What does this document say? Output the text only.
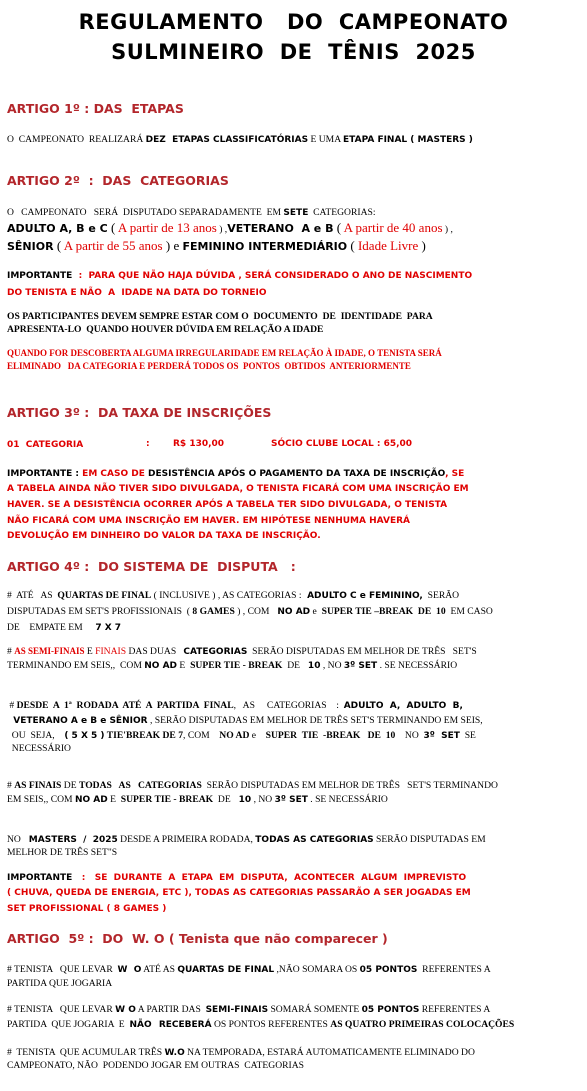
REGULAMENTO   DO  CAMPEONATO
SULMINEIRO  DE  TÊNIS  2025
ARTIGO 1º : DAS  ETAPAS
O  CAMPEONATO  REALIZARÁ DEZ  ETAPAS CLASSIFICATÓRIAS E UMA ETAPA FINAL ( MASTERS )
ARTIGO 2º  :  DAS  CATEGORIAS
O   CAMPEONATO   SERÁ  DISPUTADO SEPARADAMENTE  EM SETE  CATEGORIAS:
ADULTO A, B e C ( A partir de 13 anos ) ,VETERANO  A e B ( A partir de 40 anos ) ,
SÊNIOR ( A partir de 55 anos ) e FEMININO INTERMEDIÁRIO ( Idade Livre )
IMPORTANTE  :  PARA QUE NÃO HAJA DÚVIDA , SERÁ CONSIDERADO O ANO DE NASCIMENTO
DO TENISTA E NÃO  A  IDADE NA DATA DO TORNEIO
OS PARTICIPANTES DEVEM SEMPRE ESTAR COM O  DOCUMENTO  DE  IDENTIDADE  PARA
APRESENTA-LO  QUANDO HOUVER DÚVIDA EM RELAÇÃO A IDADE
QUANDO FOR DESCOBERTA ALGUMA IRREGULARIDADE EM RELAÇÃO À IDADE, O TENISTA SERÁ
ELIMINADO   DA CATEGORIA E PERDERÁ TODOS OS  PONTOS  OBTIDOS  ANTERIORMENTE
ARTIGO 3º :  DA TAXA DE INSCRIÇÕES
01  CATEGORIA	:	R$ 130,00	SÓCIO CLUBE LOCAL : 65,00
IMPORTANTE : EM CASO DE DESISTÊNCIA APÓS O PAGAMENTO DA TAXA DE INSCRIÇÃO, SE
A TABELA AINDA NÃO TIVER SIDO DIVULGADA, O TENISTA FICARÁ COM UMA INSCRIÇÃO EM
HAVER. SE A DESISTÊNCIA OCORRER APÓS A TABELA TER SIDO DIVULGADA, O TENISTA
NÃO FICARÁ COM UMA INSCRIÇÃO EM HAVER. EM HIPÓTESE NENHUMA HAVERÁ
DEVOLUÇÃO EM DINHEIRO DO VALOR DA TAXA DE INSCRIÇÃO.
ARTIGO 4º :  DO SISTEMA DE  DISPUTA   :
#  ATÉ   AS  QUARTAS DE FINAL ( INCLUSIVE ) , AS CATEGORIAS :  ADULTO C e FEMININO,  SERÃO
DISPUTADAS EM SET'S PROFISSIONAIS  ( 8 GAMES ) , COM   NO AD e  SUPER TIE –BREAK  DE  10  EM CASO
DE    EMPATE EM     7 X 7
# AS SEMI-FINAIS E FINAIS DAS DUAS   CATEGORIAS  SERÃO DISPUTADAS EM MELHOR DE TRÊS   SET'S
TERMINANDO EM SEIS,,  COM NO AD E  SUPER TIE - BREAK  DE   10 , NO 3º SET . SE NECESSÁRIO
# DESDE  A  1ª  RODADA  ATÉ  A  PARTIDA  FINAL,   AS     CATEGORIAS    :  ADULTO  A,  ADULTO  B,
VETERANO A e B e SÊNIOR , SERÃO DISPUTADAS EM MELHOR DE TRÊS SET'S TERMINANDO EM SEIS,
OU  SEJA,    ( 5 X 5 ) TIE'BREAK DE 7, COM    NO AD e    SUPER  TIE  -BREAK   DE  10    NO  3º  SET  SE
NECESSÁRIO
# AS FINAIS DE TODAS   AS   CATEGORIAS  SERÃO DISPUTADAS EM MELHOR DE TRÊS   SET'S TERMINANDO
EM SEIS,, COM NO AD E  SUPER TIE - BREAK  DE   10 , NO 3º SET . SE NECESSÁRIO
NO   MASTERS  /  2025 DESDE A PRIMEIRA RODADA, TODAS AS CATEGORIAS SERÃO DISPUTADAS EM
MELHOR DE TRÊS SET"S
IMPORTANTE   :   SE  DURANTE  A  ETAPA  EM  DISPUTA,  ACONTECER  ALGUM  IMPREVISTO
( CHUVA, QUEDA DE ENERGIA, ETC ), TODAS AS CATEGORIAS PASSARÃO A SER JOGADAS EM
SET PROFISSIONAL ( 8 GAMES )
ARTIGO  5º :  DO  W. O ( Tenista que não comparecer )
# TENISTA   QUE LEVAR  W  O ATÉ AS QUARTAS DE FINAL ,NÃO SOMARA OS 05 PONTOS  REFERENTES A
PARTIDA QUE JOGARIA
# TENISTA   QUE LEVAR W O A PARTIR DAS  SEMI-FINAIS SOMARÁ SOMENTE 05 PONTOS REFERENTES A
PARTIDA  QUE JOGARIA  E  NÃO RECEBERÁ OS PONTOS REFERENTES AS QUATRO PRIMEIRAS COLOCAÇÕES
#  TENISTA  QUE ACUMULAR TRÊS W.O NA TEMPORADA, ESTARÁ AUTOMATICAMENTE ELIMINADO DO
CAMPEONATO, NÃO  PODENDO JOGAR EM OUTRAS  CATEGORIAS
